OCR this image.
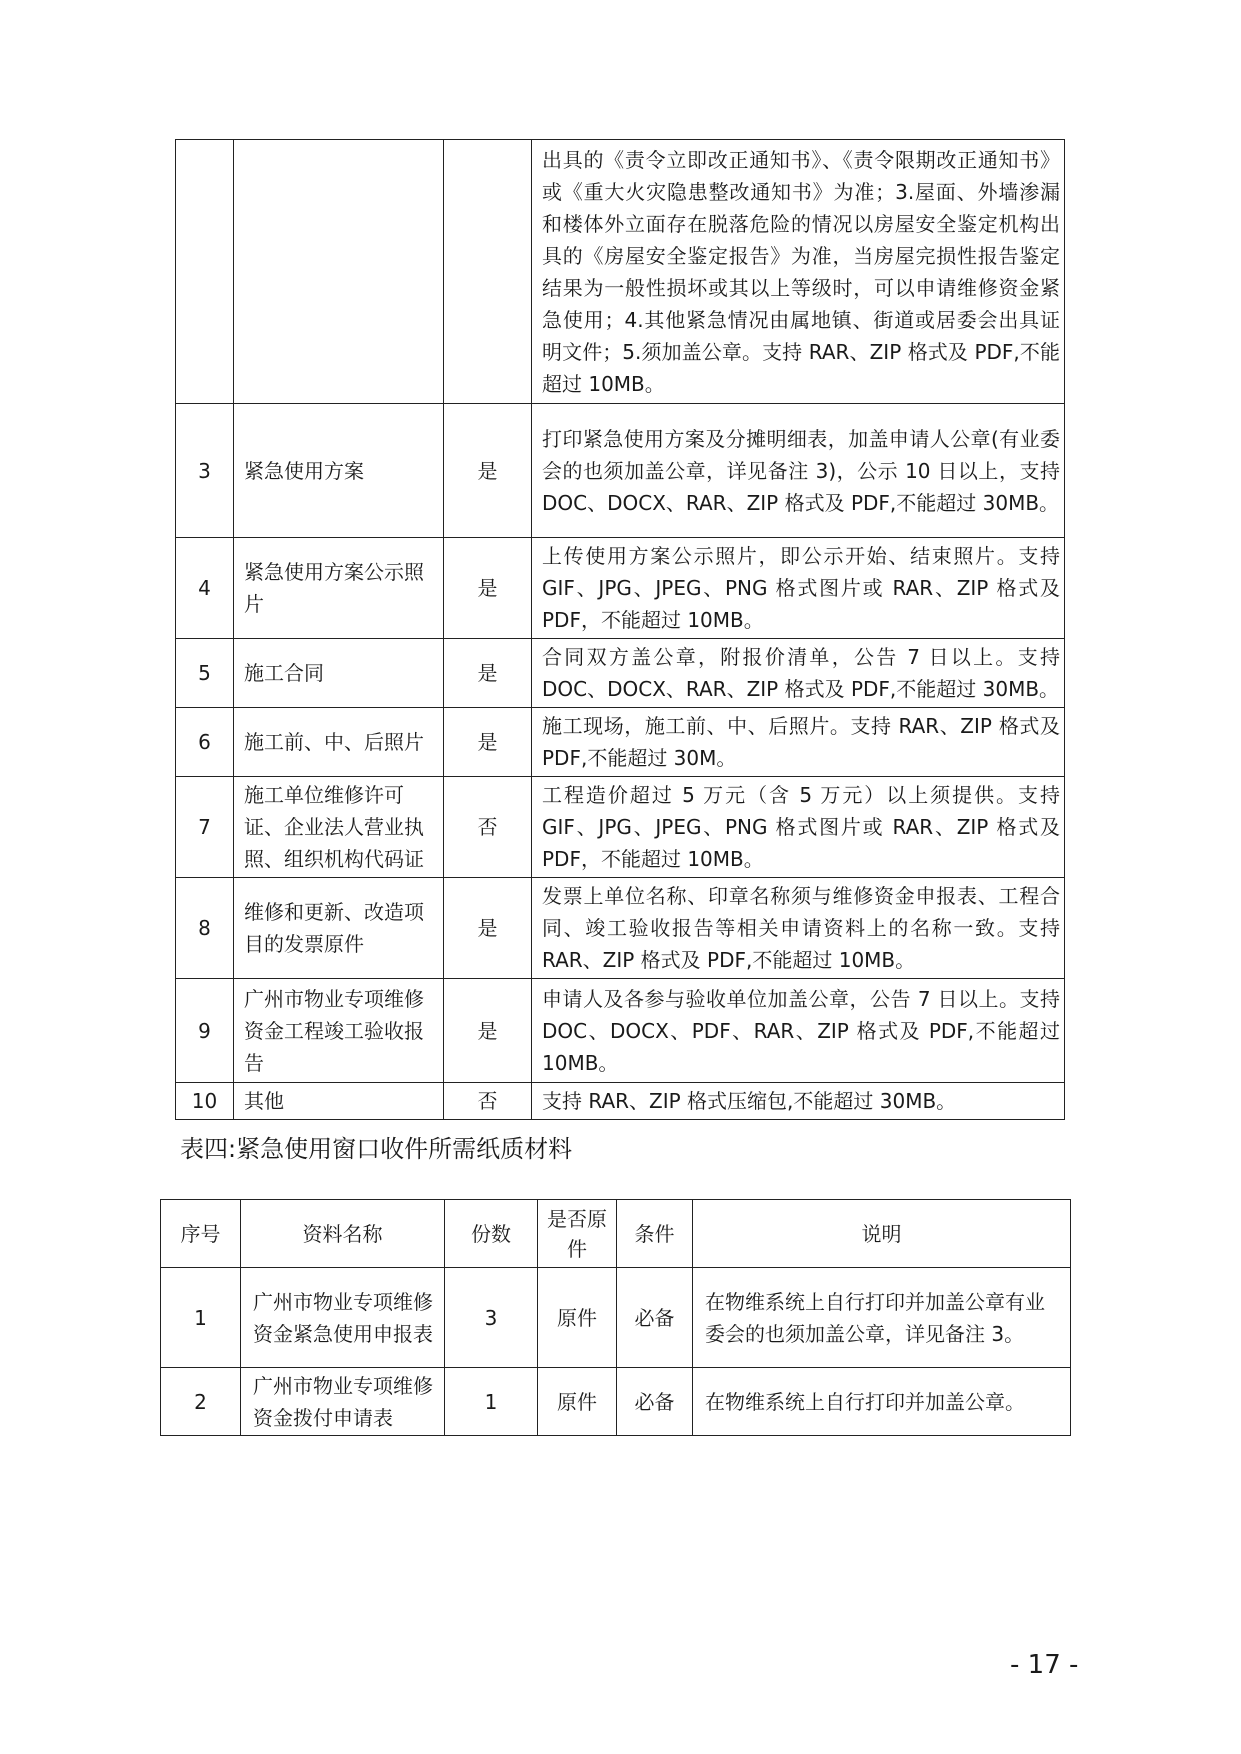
			出具的《责令立即改正通知书》、《责令限期改正通知书》或《重大火灾隐患整改通知书》为准；3.屋面、外墙渗漏和楼体外立面存在脱落危险的情况以房屋安全鉴定机构出具的《房屋安全鉴定报告》为准，当房屋完损性报告鉴定结果为一般性损坏或其以上等级时，可以申请维修资金紧急使用；4.其他紧急情况由属地镇、街道或居委会出具证明文件；5.须加盖公章。支持 RAR、ZIP 格式及 PDF,不能超过 10MB。
3	紧急使用方案	是	打印紧急使用方案及分摊明细表，加盖申请人公章(有业委会的也须加盖公章，详见备注 3)，公示 10 日以上，支持 DOC、DOCX、RAR、ZIP 格式及 PDF,不能超过 30MB。
4	紧急使用方案公示照片	是	上传使用方案公示照片，即公示开始、结束照片。支持 GIF、JPG、JPEG、PNG 格式图片或 RAR、ZIP 格式及 PDF，不能超过 10MB。
5	施工合同	是	合同双方盖公章，附报价清单，公告 7 日以上。支持 DOC、DOCX、RAR、ZIP 格式及 PDF,不能超过 30MB。
6	施工前、中、后照片	是	施工现场，施工前、中、后照片。支持 RAR、ZIP 格式及 PDF,不能超过 30M。
7	施工单位维修许可证、企业法人营业执照、组织机构代码证	否	工程造价超过 5 万元（含 5 万元）以上须提供。支持 GIF、JPG、JPEG、PNG 格式图片或 RAR、ZIP 格式及 PDF，不能超过 10MB。
8	维修和更新、改造项目的发票原件	是	发票上单位名称、印章名称须与维修资金申报表、工程合同、竣工验收报告等相关申请资料上的名称一致。支持 RAR、ZIP 格式及 PDF,不能超过 10MB。
9	广州市物业专项维修资金工程竣工验收报告	是	申请人及各参与验收单位加盖公章，公告 7 日以上。支持 DOC、DOCX、PDF、RAR、ZIP 格式及 PDF,不能超过 10MB。
10	其他	否	支持 RAR、ZIP 格式压缩包,不能超过 30MB。
表四:紧急使用窗口收件所需纸质材料
序号	资料名称	份数	是否原件	条件	说明
1	广州市物业专项维修资金紧急使用申报表	3	原件	必备	在物维系统上自行打印并加盖公章有业委会的也须加盖公章，详见备注 3。
2	广州市物业专项维修资金拨付申请表	1	原件	必备	在物维系统上自行打印并加盖公章。
- 17 -
